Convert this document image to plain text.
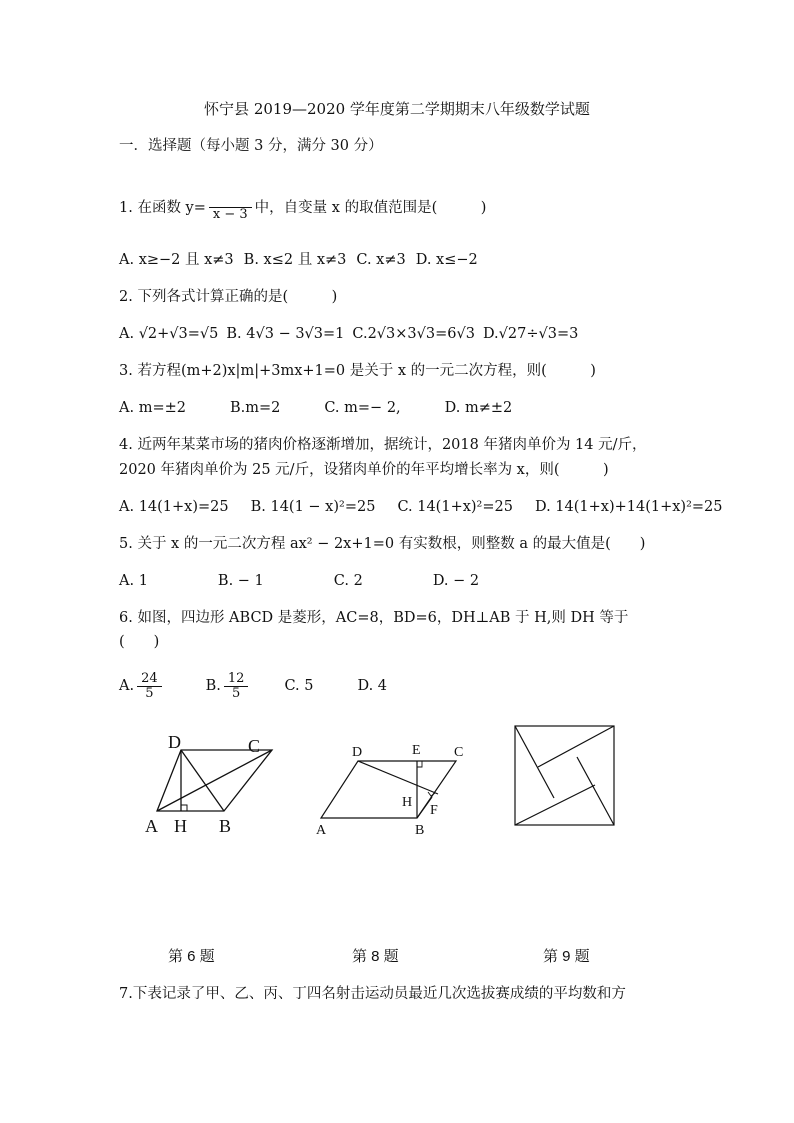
怀宁县 2019—2020 学年度第二学期期末八年级数学试题
一．选择题（每小题 3 分，满分 30 分）
1. 在函数 y= x − 3 中，自变量 x 的取值范围是(　　　)
A. x≥−2 且 x≠3 B. x≤2 且 x≠3 C. x≠3 D. x≤−2
2. 下列各式计算正确的是(　　　)
A. √2+√3=√5 B. 4√3 − 3√3=1 C.2√3×3√3=6√3 D.√27÷√3=3
3. 若方程(m+2)x|m|+3mx+1=0 是关于 x 的一元二次方程，则(　　　)
A. m=±2	B.m=2	C. m=− 2,	D. m≠±2
4. 近两年某菜市场的猪肉价格逐渐增加，据统计，2018 年猪肉单价为 14 元/斤，
2020 年猪肉单价为 25 元/斤，设猪肉单价的年平均增长率为 x，则(　　　)
A. 14(1+x)=25 B. 14(1 − x)²=25 C. 14(1+x)²=25 D. 14(1+x)+14(1+x)²=25
5. 关于 x 的一元二次方程 ax² − 2x+1=0 有实数根，则整数 a 的最大值是(　　)
A. 1	B. − 1	C. 2	D. − 2
6. 如图，四边形 ABCD 是菱形，AC=8，BD=6，DH⊥AB 于 H,则 DH 等于
(　　)
A. $\frac{24}{5}$	B. $\frac{12}{5} C$. 5	D. 4
D	C
A H B
D	E C
H
F
A	B
第 6 题	第 8 题	第 9 题
7.下表记录了甲、乙、丙、丁四名射击运动员最近几次选拔赛成绩的平均数和方
